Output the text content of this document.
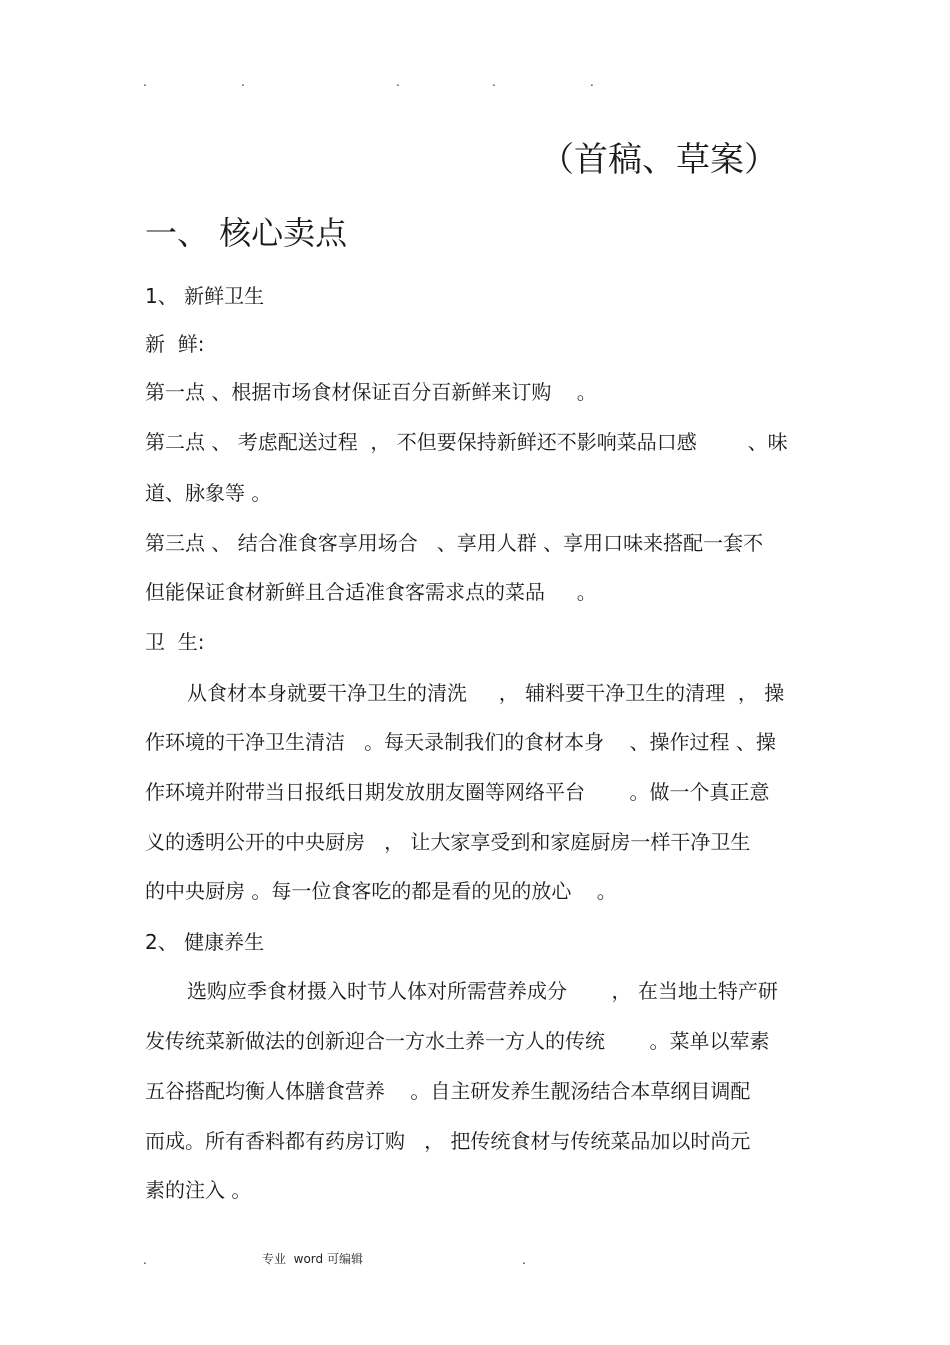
.	.	.	.	.
（首稿、草案）
一、 核心卖点
1、 新鲜卫生
新  鲜:
第一点 、根据市场食材保证百分百新鲜来订购    。
第二点 、 考虑配送过程  ， 不但要保持新鲜还不影响菜品口感        、味
道、脉象等 。
第三点 、 结合准食客享用场合   、享用人群 、享用口味来搭配一套不
但能保证食材新鲜且合适准食客需求点的菜品     。
卫  生:
从食材本身就要干净卫生的清洗     ， 辅料要干净卫生的清理  ， 操
作环境的干净卫生清洁   。每天录制我们的食材本身    、操作过程 、操
作环境并附带当日报纸日期发放朋友圈等网络平台       。做一个真正意
义的透明公开的中央厨房   ， 让大家享受到和家庭厨房一样干净卫生
的中央厨房 。每一位食客吃的都是看的见的放心    。
2、 健康养生
选购应季食材摄入时节人体对所需营养成分       ， 在当地土特产研
发传统菜新做法的创新迎合一方水土养一方人的传统       。菜单以荤素
五谷搭配均衡人体膳食营养    。自主研发养生靓汤结合本草纲目调配
而成。所有香料都有药房订购   ， 把传统食材与传统菜品加以时尚元
素的注入 。
.	专业  word 可编辑	.
